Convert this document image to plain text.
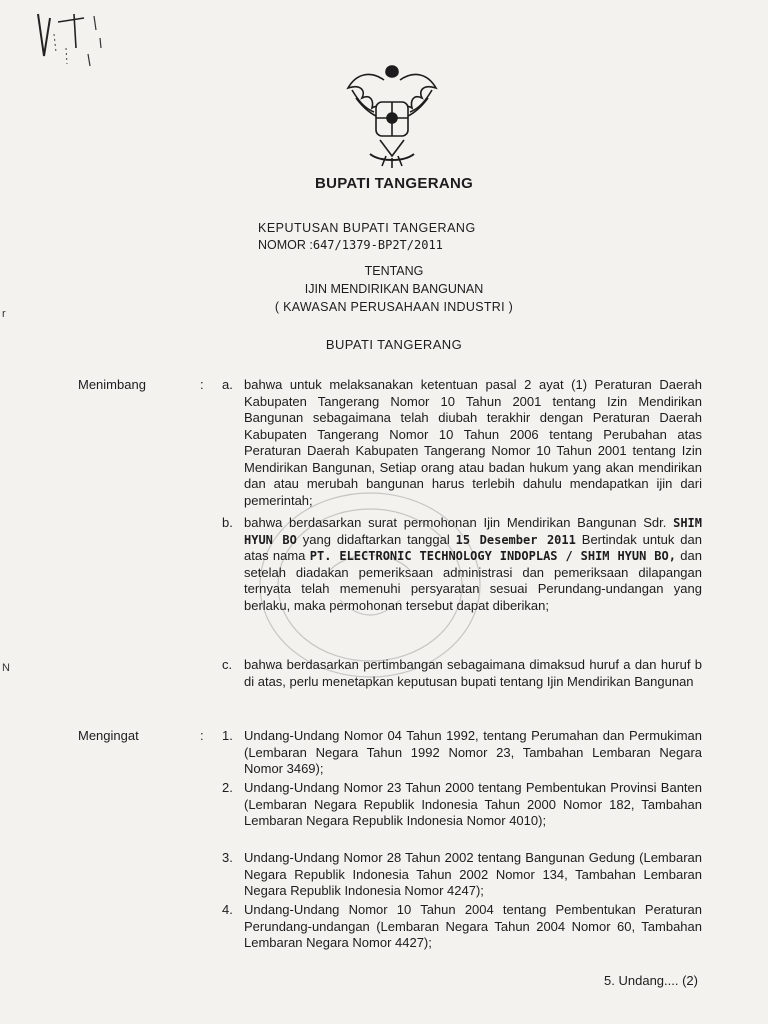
BUPATI TANGERANG
KEPUTUSAN BUPATI TANGERANG
NOMOR :647/1379-BP2T/2011
TENTANG
IJIN MENDIRIKAN BANGUNAN
( KAWASAN PERUSAHAAN INDUSTRI )
BUPATI TANGERANG
Menimbang	: a. bahwa untuk melaksanakan ketentuan pasal 2 ayat (1) Peraturan Daerah Kabupaten Tangerang Nomor 10 Tahun 2001 tentang Izin Mendirikan Bangunan sebagaimana telah diubah terakhir dengan Peraturan Daerah Kabupaten Tangerang Nomor 10 Tahun 2006 tentang Perubahan atas Peraturan Daerah Kabupaten Tangerang Nomor 10 Tahun 2001 tentang Izin Mendirikan Bangunan, Setiap orang atau badan hukum yang akan mendirikan dan atau merubah bangunan harus terlebih dahulu mendapatkan ijin dari pemerintah;
b. bahwa berdasarkan surat permohonan Ijin Mendirikan Bangunan Sdr. SHIM HYUN BO yang didaftarkan tanggal 15 Desember 2011 Bertindak untuk dan atas nama PT. ELECTRONIC TECHNOLOGY INDOPLAS / SHIM HYUN BO, dan setelah diadakan pemeriksaan administrasi dan pemeriksaan dilapangan ternyata telah memenuhi persyaratan sesuai Perundang-undangan yang berlaku, maka permohonan tersebut dapat diberikan;
c. bahwa berdasarkan pertimbangan sebagaimana dimaksud huruf a dan huruf b di atas, perlu menetapkan keputusan bupati tentang Ijin Mendirikan Bangunan
Mengingat	: 1. Undang-Undang Nomor 04 Tahun 1992, tentang Perumahan dan Permukiman (Lembaran Negara Tahun 1992 Nomor 23, Tambahan Lembaran Negara Nomor 3469);
2. Undang-Undang Nomor 23 Tahun 2000 tentang Pembentukan Provinsi Banten (Lembaran Negara Republik Indonesia Tahun 2000 Nomor 182, Tambahan Lembaran Negara Republik Indonesia Nomor 4010);
3. Undang-Undang Nomor 28 Tahun 2002 tentang Bangunan Gedung (Lembaran Negara Republik Indonesia Tahun 2002 Nomor 134, Tambahan Lembaran Negara Republik Indonesia Nomor 4247);
4. Undang-Undang Nomor 10 Tahun 2004 tentang Pembentukan Peraturan Perundang-undangan (Lembaran Negara Tahun 2004 Nomor 60, Tambahan Lembaran Negara Nomor 4427);
5. Undang.... (2)
r
N
